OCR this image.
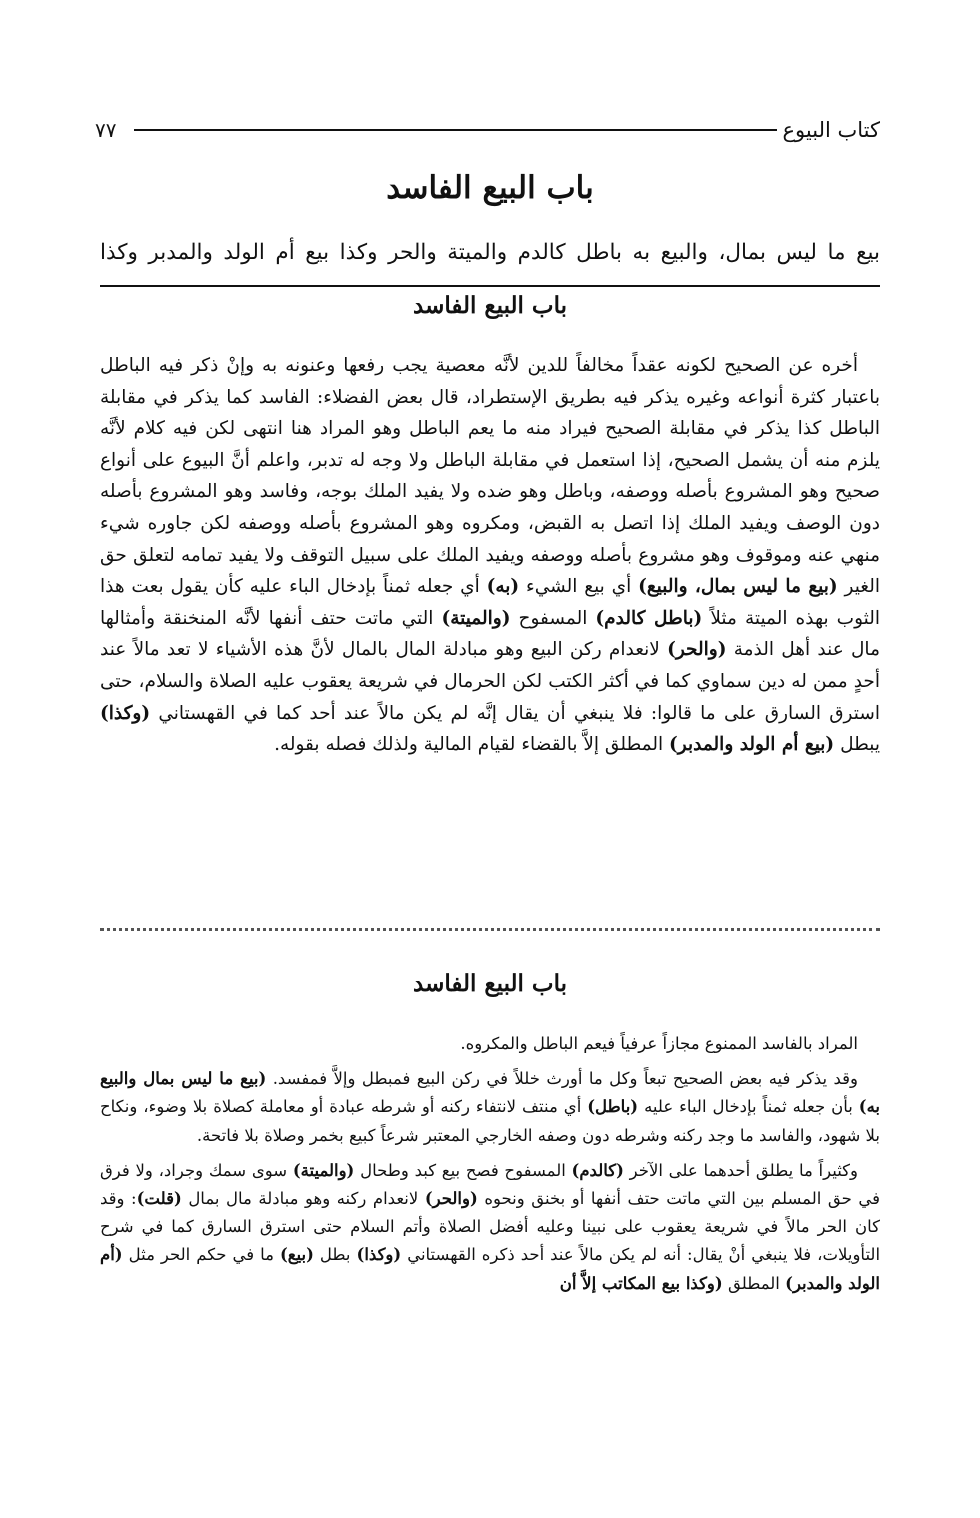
كتاب البيوع
٧٧
باب البيع الفاسد
بيع ما ليس بمال، والبيع به باطل كالدم والميتة والحر وكذا بيع أم الولد والمدبر وكذا
باب البيع الفاسد

أخره عن الصحيح لكونه عقداً مخالفاً للدين لأنَّه معصية يجب رفعها وعنونه به وإنْ ذكر فيه الباطل باعتبار كثرة أنواعه وغيره يذكر فيه بطريق الإستطراد، قال بعض الفضلاء: الفاسد كما يذكر في مقابلة الباطل كذا يذكر في مقابلة الصحيح فيراد منه ما يعم الباطل وهو المراد هنا انتهى لكن فيه كلام لأنَّه يلزم منه أن يشمل الصحيح، إذا استعمل في مقابلة الباطل ولا وجه له تدبر، واعلم أنَّ البيوع على أنواع صحيح وهو المشروع بأصله ووصفه، وباطل وهو ضده ولا يفيد الملك بوجه، وفاسد وهو المشروع بأصله دون الوصف ويفيد الملك إذا اتصل به القبض، ومكروه وهو المشروع بأصله ووصفه لكن جاوره شيء منهي عنه وموقوف وهو مشروع بأصله ووصفه ويفيد الملك على سبيل التوقف ولا يفيد تمامه لتعلق حق الغير (بيع ما ليس بمال، والبيع) أي بيع الشيء (به) أي جعله ثمناً بإدخال الباء عليه كأن يقول بعت هذا الثوب بهذه الميتة مثلاً (باطل كالدم) المسفوح (والميتة) التي ماتت حتف أنفها لأنَّه المنخنقة وأمثالها مال عند أهل الذمة (والحر) لانعدام ركن البيع وهو مبادلة المال بالمال لأنَّ هذه الأشياء لا تعد مالاً عند أحدٍ ممن له دين سماوي كما في أكثر الكتب لكن الحرمال في شريعة يعقوب عليه الصلاة والسلام، حتى استرق السارق على ما قالوا: فلا ينبغي أن يقال إنَّه لم يكن مالاً عند أحد كما في القهستاني (وكذا) يبطل (بيع أم الولد والمدبر) المطلق إلاَّ بالقضاء لقيام المالية ولذلك فصله بقوله.

باب البيع الفاسد

المراد بالفاسد الممنوع مجازاً عرفياً فيعم الباطل والمكروه.

وقد يذكر فيه بعض الصحيح تبعاً وكل ما أورث خللاً في ركن البيع فمبطل وإلاَّ فمفسد. (بيع ما ليس بمال والبيع به) بأن جعله ثمناً بإدخال الباء عليه (باطل) أي منتف لانتفاء ركنه أو شرطه عبادة أو معاملة كصلاة بلا وضوء، ونكاح بلا شهود، والفاسد ما وجد ركنه وشرطه دون وصفه الخارجي المعتبر شرعاً كبيع بخمر وصلاة بلا فاتحة.

وكثيراً ما يطلق أحدهما على الآخر (كالدم) المسفوح فصح بيع كبد وطحال (والميتة) سوى سمك وجراد، ولا فرق في حق المسلم بين التي ماتت حتف أنفها أو بخنق ونحوه (والحر) لانعدام ركنه وهو مبادلة مال بمال (قلت): وقد كان الحر مالاً في شريعة يعقوب على نبينا وعليه أفضل الصلاة وأتم السلام حتى استرق السارق كما في شرح التأويلات، فلا ينبغي أنْ يقال: أنه لم يكن مالاً عند أحد ذكره القهستاني (وكذا) بطل (بيع) ما في حكم الحر مثل (أم الولد والمدبر) المطلق (وكذا بيع المكاتب إلاَّ أن
